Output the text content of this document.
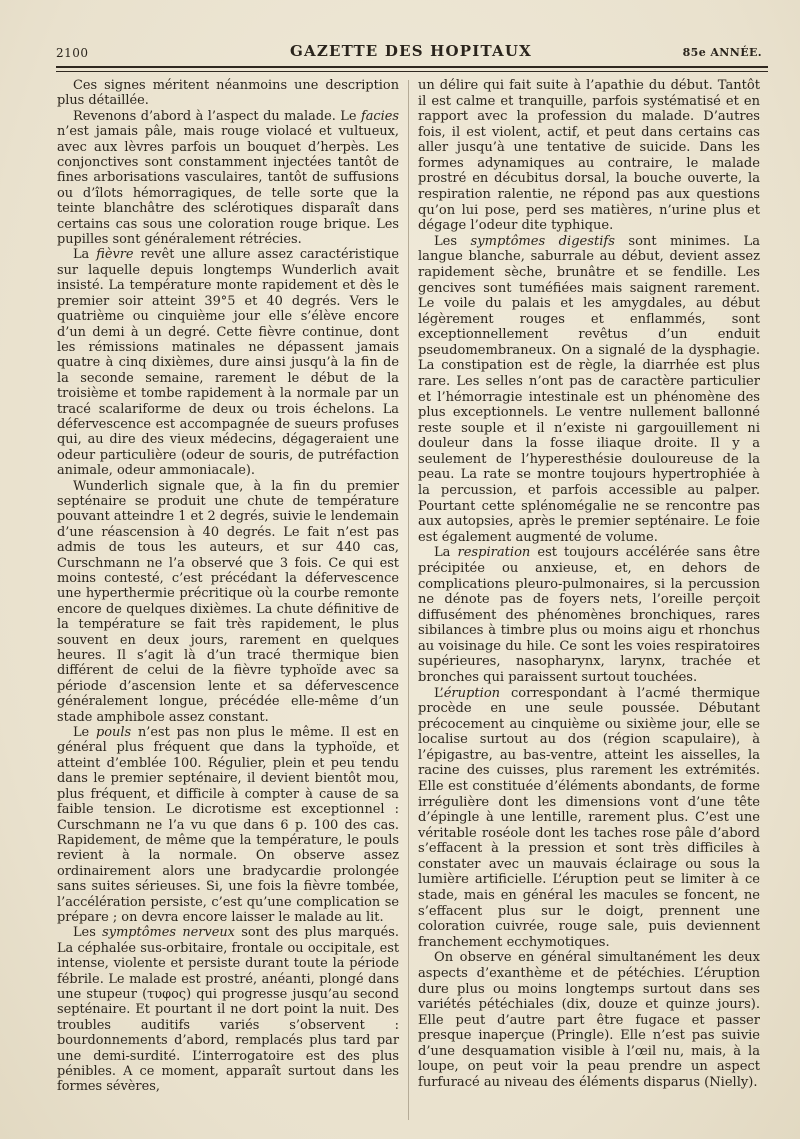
2100	GAZETTE DES HOPITAUX	85e ANNÉE.

Ces signes méritent néanmoins une description plus détaillée.

Revenons d’abord à l’aspect du malade. Le facies n’est jamais pâle, mais rouge violacé et vultueux, avec aux lèvres parfois un bouquet d’herpès. Les conjonctives sont constamment injectées tantôt de fines arborisations vasculaires, tantôt de suffusions ou d’îlots hémorragiques, de telle sorte que la teinte blanchâtre des sclérotiques disparaît dans certains cas sous une coloration rouge brique. Les pupilles sont généralement rétrécies.

La fièvre revêt une allure assez caractéristique sur laquelle depuis longtemps Wunderlich avait insisté. La température monte rapidement et dès le premier soir atteint 39°5 et 40 degrés. Vers le quatrième ou cinquième jour elle s’élève encore d’un demi à un degré. Cette fièvre continue, dont les rémissions matinales ne dépassent jamais quatre à cinq dixièmes, dure ainsi jusqu’à la fin de la seconde semaine, rarement le début de la troisième et tombe rapidement à la normale par un tracé scalariforme de deux ou trois échelons. La défervescence est accompagnée de sueurs profuses qui, au dire des vieux médecins, dégageraient une odeur particulière (odeur de souris, de putréfaction animale, odeur ammoniacale).

Wunderlich signale que, à la fin du premier septénaire se produit une chute de température pouvant atteindre 1 et 2 degrés, suivie le lendemain d’une réascension à 40 degrés. Le fait n’est pas admis de tous les auteurs, et sur 440 cas, Curschmann ne l’a observé que 3 fois. Ce qui est moins contesté, c’est précédant la défervescence une hyperthermie précritique où la courbe remonte encore de quelques dixièmes. La chute définitive de la température se fait très rapidement, le plus souvent en deux jours, rarement en quelques heures. Il s’agit là d’un tracé thermique bien différent de celui de la fièvre typhoïde avec sa période d’ascension lente et sa défervescence généralement longue, précédée elle-même d’un stade amphibole assez constant.

Le pouls n’est pas non plus le même. Il est en général plus fréquent que dans la typhoïde, et atteint d’emblée 100. Régulier, plein et peu tendu dans le premier septénaire, il devient bientôt mou, plus fréquent, et difficile à compter à cause de sa faible tension. Le dicrotisme est exceptionnel : Curschmann ne l’a vu que dans 6 p. 100 des cas. Rapidement, de même que la température, le pouls revient à la normale. On observe assez ordinairement alors une bradycardie prolongée sans suites sérieuses. Si, une fois la fièvre tombée, l’accélération persiste, c’est qu’une complication se prépare ; on devra encore laisser le malade au lit.

Les symptômes nerveux sont des plus marqués. La céphalée sus-orbitaire, frontale ou occipitale, est intense, violente et persiste durant toute la période fébrile. Le malade est prostré, anéanti, plongé dans une stupeur (τυφος) qui progresse jusqu’au second septénaire. Et pourtant il ne dort point la nuit. Des troubles auditifs variés s’observent : bourdonnements d’abord, remplacés plus tard par une demi-surdité. L’interrogatoire est des plus pénibles. A ce moment, apparaît surtout dans les formes sévères,

un délire qui fait suite à l’apathie du début. Tantôt il est calme et tranquille, parfois systématisé et en rapport avec la profession du malade. D’autres fois, il est violent, actif, et peut dans certains cas aller jusqu’à une tentative de suicide. Dans les formes adynamiques au contraire, le malade prostré en décubitus dorsal, la bouche ouverte, la respiration ralentie, ne répond pas aux questions qu’on lui pose, perd ses matières, n’urine plus et dégage l’odeur dite typhique.

Les symptômes digestifs sont minimes. La langue blanche, saburrale au début, devient assez rapidement sèche, brunâtre et se fendille. Les gencives sont tuméfiées mais saignent rarement. Le voile du palais et les amygdales, au début légèrement rouges et enflammés, sont exceptionnellement revêtus d’un enduit pseudomembraneux. On a signalé de la dysphagie. La constipation est de règle, la diarrhée est plus rare. Les selles n’ont pas de caractère particulier et l’hémorragie intestinale est un phénomène des plus exceptionnels. Le ventre nullement ballonné reste souple et il n’existe ni gargouillement ni douleur dans la fosse iliaque droite. Il y a seulement de l’hyperesthésie douloureuse de la peau. La rate se montre toujours hypertrophiée à la percussion, et parfois accessible au palper. Pourtant cette splénomégalie ne se rencontre pas aux autopsies, après le premier septénaire. Le foie est également augmenté de volume.

La respiration est toujours accélérée sans être précipitée ou anxieuse, et, en dehors de complications pleuro-pulmonaires, si la percussion ne dénote pas de foyers nets, l’oreille perçoit diffusément des phénomènes bronchiques, rares sibilances à timbre plus ou moins aigu et rhonchus au voisinage du hile. Ce sont les voies respiratoires supérieures, nasopharynx, larynx, trachée et bronches qui paraissent surtout touchées.

L’éruption correspondant à l’acmé thermique procède en une seule poussée. Débutant précocement au cinquième ou sixième jour, elle se localise surtout au dos (région scapulaire), à l’épigastre, au bas-ventre, atteint les aisselles, la racine des cuisses, plus rarement les extrémités. Elle est constituée d’éléments abondants, de forme irrégulière dont les dimensions vont d’une tête d’épingle à une lentille, rarement plus. C’est une véritable roséole dont les taches rose pâle d’abord s’effacent à la pression et sont très difficiles à constater avec un mauvais éclairage ou sous la lumière artificielle. L’éruption peut se limiter à ce stade, mais en général les macules se foncent, ne s’effacent plus sur le doigt, prennent une coloration cuivrée, rouge sale, puis deviennent franchement ecchymotiques.

On observe en général simultanément les deux aspects d’exanthème et de pétéchies. L’éruption dure plus ou moins longtemps surtout dans ses variétés pétéchiales (dix, douze et quinze jours). Elle peut d’autre part être fugace et passer presque inaperçue (Pringle). Elle n’est pas suivie d’une desquamation visible à l’œil nu, mais, à la loupe, on peut voir la peau prendre un aspect furfuracé au niveau des éléments disparus (Nielly).
